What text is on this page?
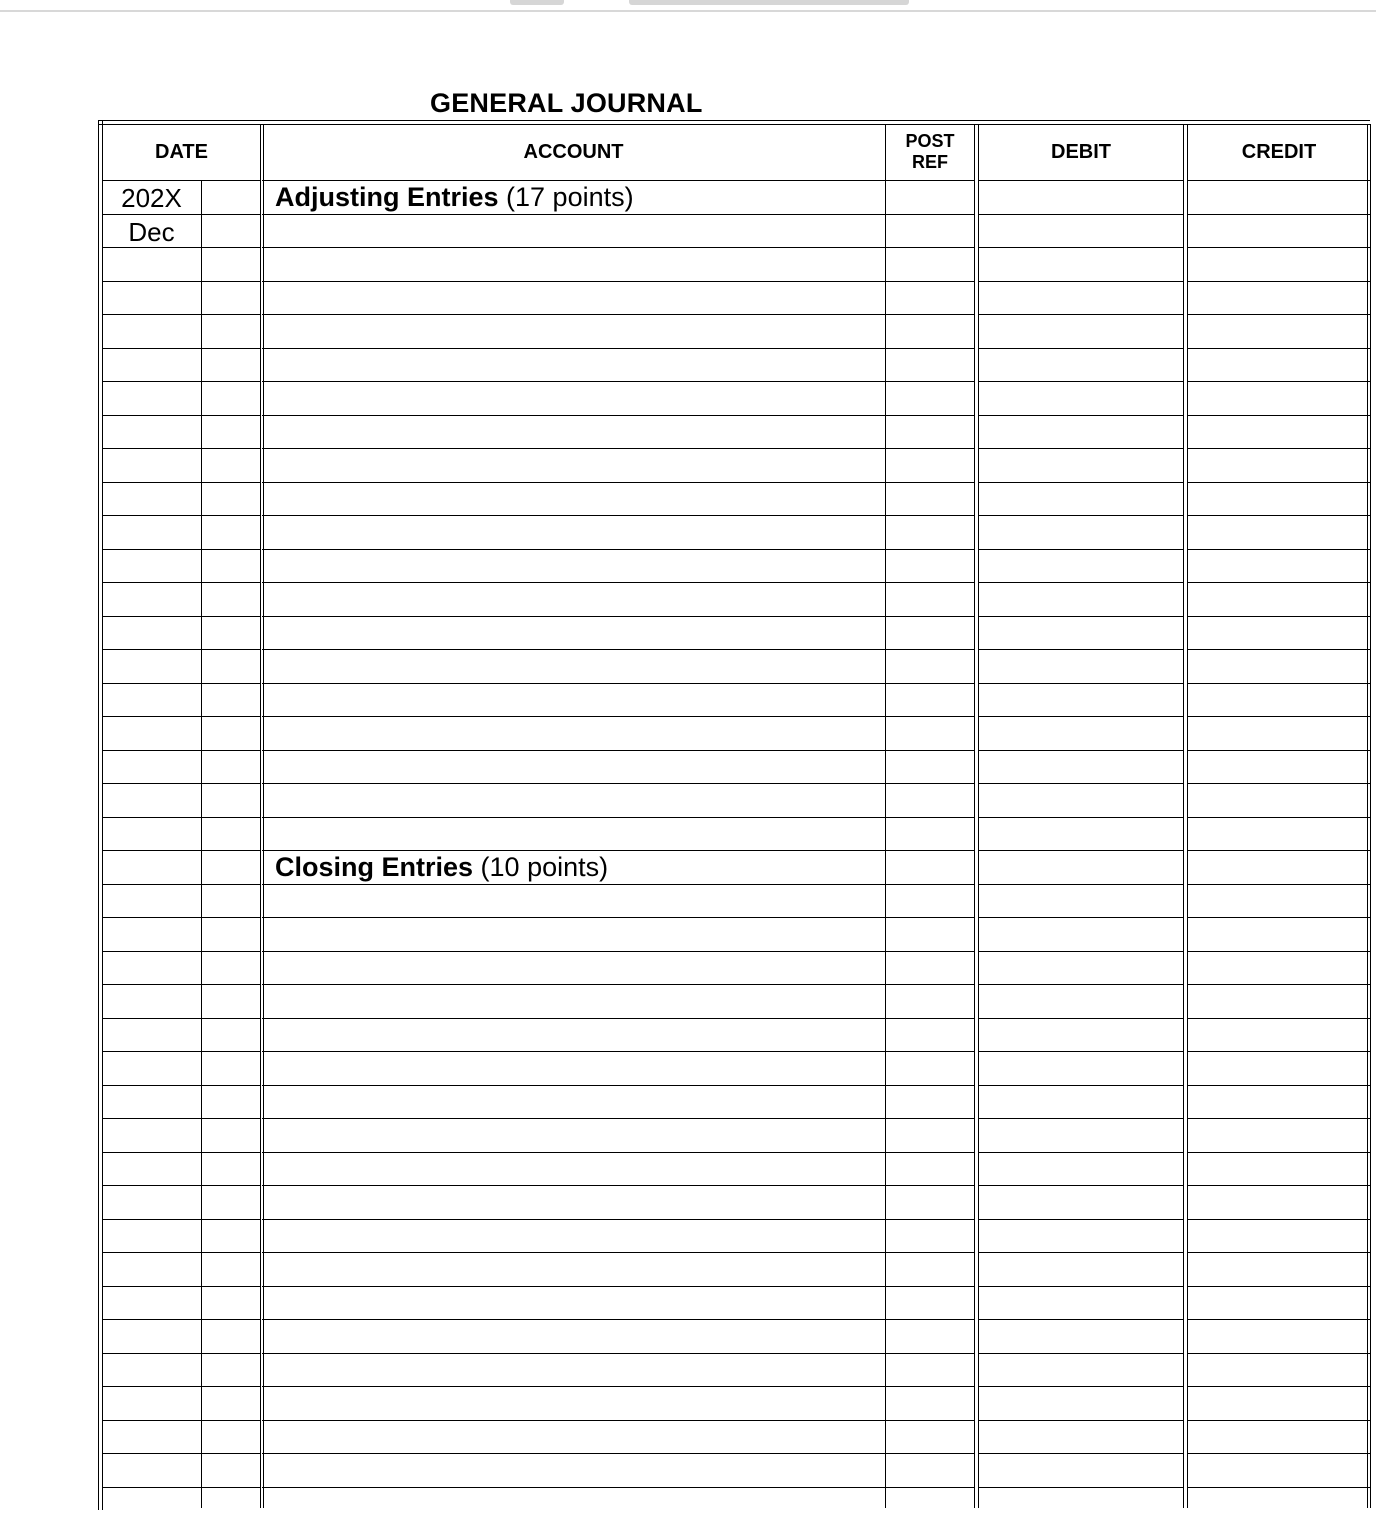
GENERAL JOURNAL
DATE
202X
Dec
ACCOUNT
Adjusting Entries (17 points)
Closing Entries (10 points)
POST
REF	DEBIT	CREDIT
